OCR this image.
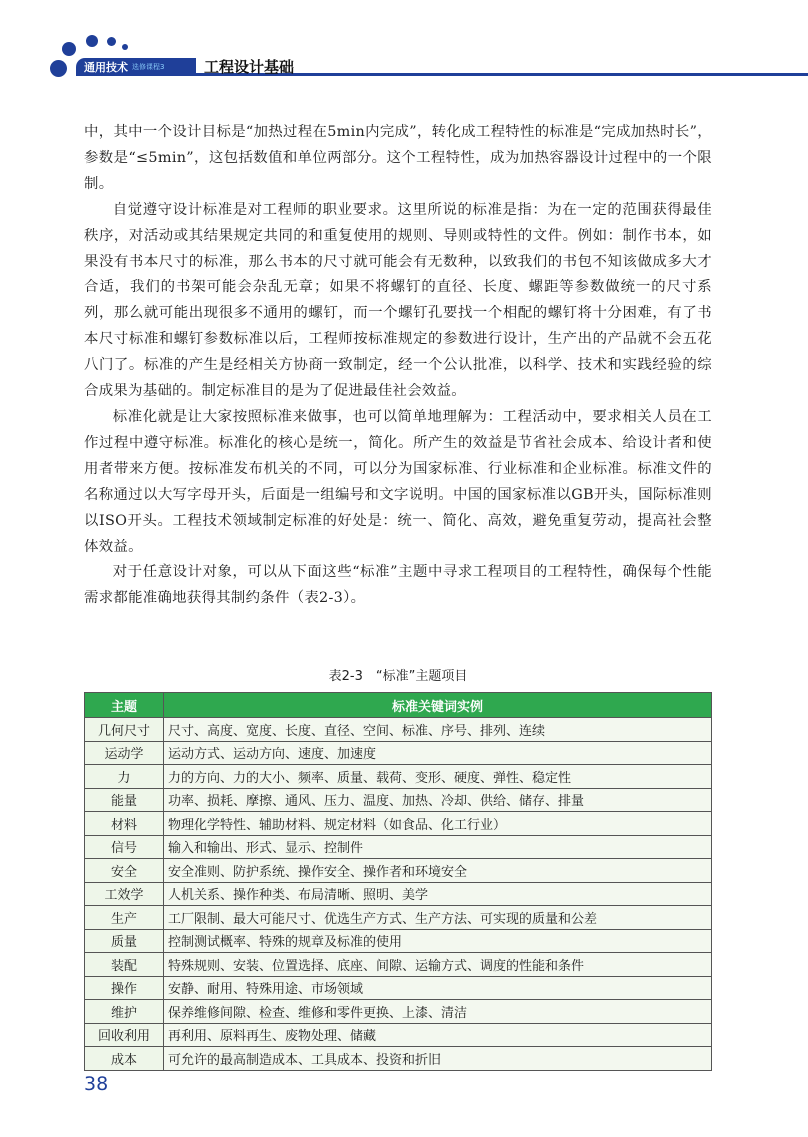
通用技术 选修课程3	工程设计基础

中，其中一个设计目标是“加热过程在5min内完成”，转化成工程特性的标准是“完成加热时长”，参数是“≤5min”，这包括数值和单位两部分。这个工程特性，成为加热容器设计过程中的一个限制。

自觉遵守设计标准是对工程师的职业要求。这里所说的标准是指：为在一定的范围获得最佳秩序，对活动或其结果规定共同的和重复使用的规则、导则或特性的文件。例如：制作书本，如果没有书本尺寸的标准，那么书本的尺寸就可能会有无数种，以致我们的书包不知该做成多大才合适，我们的书架可能会杂乱无章；如果不将螺钉的直径、长度、螺距等参数做统一的尺寸系列，那么就可能出现很多不通用的螺钉，而一个螺钉孔要找一个相配的螺钉将十分困难，有了书本尺寸标准和螺钉参数标准以后，工程师按标准规定的参数进行设计，生产出的产品就不会五花八门了。标准的产生是经相关方协商一致制定，经一个公认批准，以科学、技术和实践经验的综合成果为基础的。制定标准目的是为了促进最佳社会效益。

标准化就是让大家按照标准来做事，也可以简单地理解为：工程活动中，要求相关人员在工作过程中遵守标准。标准化的核心是统一，简化。所产生的效益是节省社会成本、给设计者和使用者带来方便。按标准发布机关的不同，可以分为国家标准、行业标准和企业标准。标准文件的名称通过以大写字母开头，后面是一组编号和文字说明。中国的国家标准以GB开头，国际标准则以ISO开头。工程技术领域制定标准的好处是：统一、简化、高效，避免重复劳动，提高社会整体效益。

对于任意设计对象，可以从下面这些“标准”主题中寻求工程项目的工程特性，确保每个性能需求都能准确地获得其制约条件（表2-3）。

表2-3　“标准”主题项目
主题	标准关键词实例
几何尺寸	尺寸、高度、宽度、长度、直径、空间、标准、序号、排列、连续
运动学	运动方式、运动方向、速度、加速度
力	力的方向、力的大小、频率、质量、载荷、变形、硬度、弹性、稳定性
能量	功率、损耗、摩擦、通风、压力、温度、加热、冷却、供给、储存、排量
材料	物理化学特性、辅助材料、规定材料（如食品、化工行业）
信号	输入和输出、形式、显示、控制件
安全	安全准则、防护系统、操作安全、操作者和环境安全
工效学	人机关系、操作种类、布局清晰、照明、美学
生产	工厂限制、最大可能尺寸、优选生产方式、生产方法、可实现的质量和公差
质量	控制测试概率、特殊的规章及标准的使用
装配	特殊规则、安装、位置选择、底座、间隙、运输方式、调度的性能和条件
操作	安静、耐用、特殊用途、市场领域
维护	保养维修间隙、检查、维修和零件更换、上漆、清洁
回收利用	再利用、原料再生、废物处理、储藏
成本	可允许的最高制造成本、工具成本、投资和折旧
38
